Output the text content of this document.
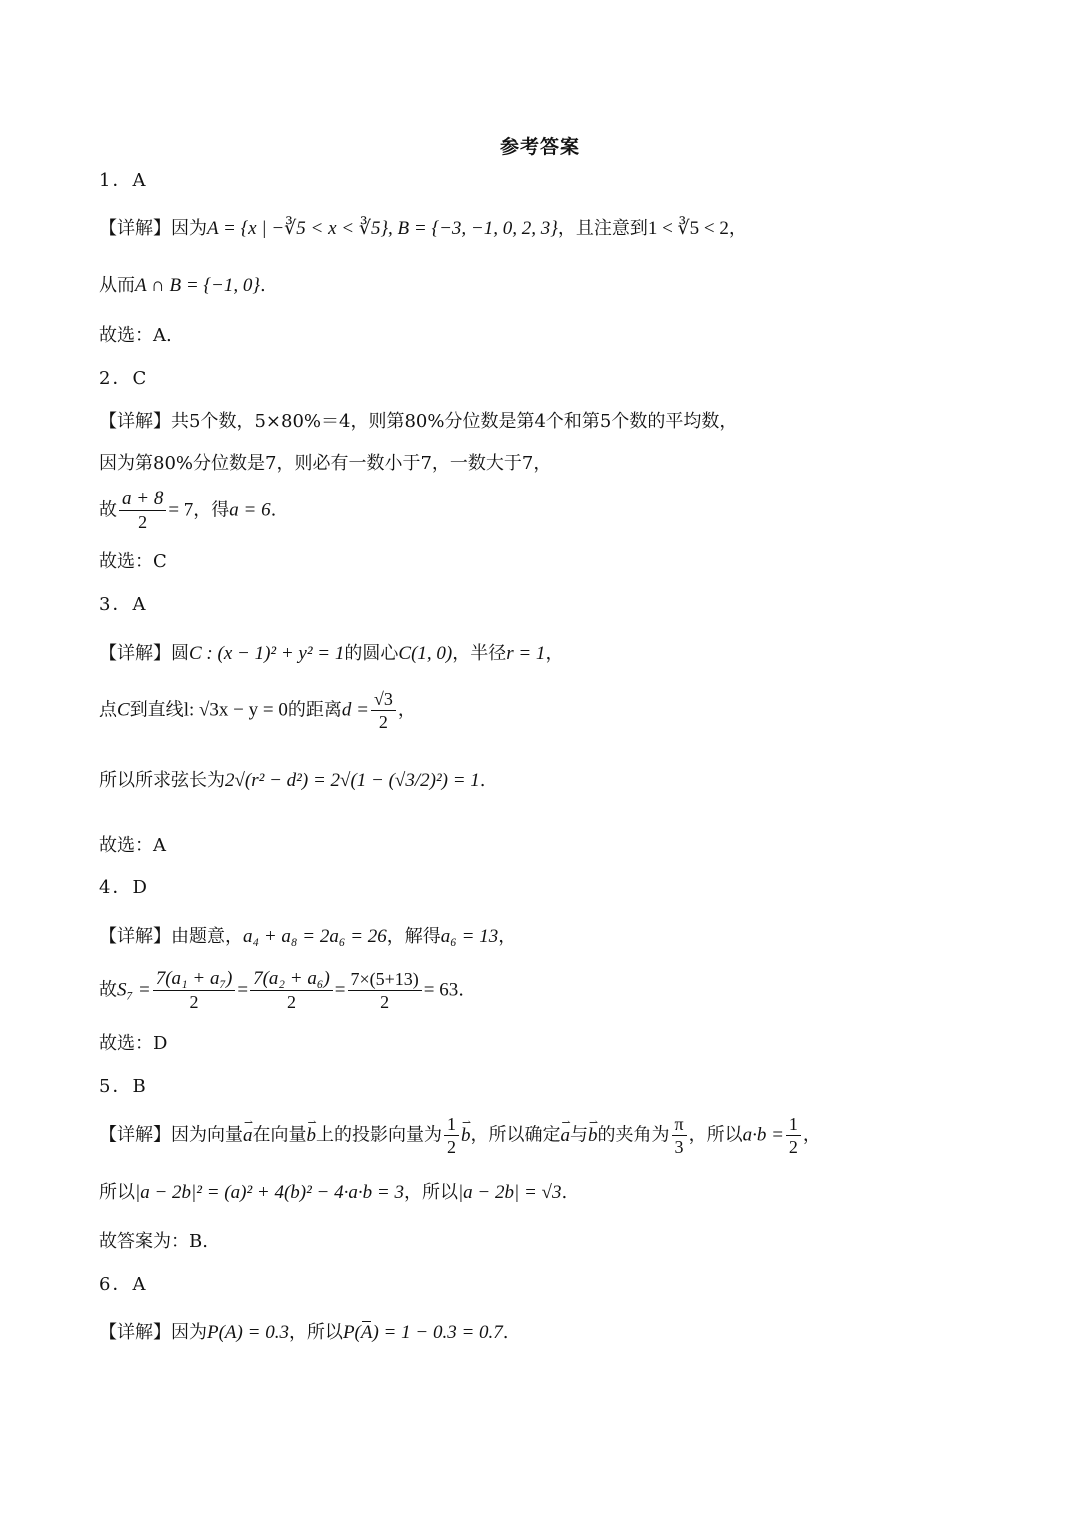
参考答案
1．A
【详解】因为A = {x | −∛5 < x < ∛5}, B = {−3, −1, 0, 2, 3}，且注意到1 < ∛5 < 2，
从而A ∩ B = {−1, 0}.
故选：A.
2．C
【详解】共5个数，5×80%＝4，则第80%分位数是第4个和第5个数的平均数，
因为第80%分位数是7，则必有一数小于7，一数大于7，
故 $\frac{a + 8}{2} = 7$，得a = 6.
故选：C
3．A
【详解】圆C : (x − 1)² + y² = 1的圆心C(1, 0)，半径r = 1，
点C到直线l: √3x − y = 0的距离$d = \frac{√3}{2}$ ，
所以所求弦长为2√(r² − d²) = 2√(1 − (√3/2)²) = 1.
故选：A
4．D
【详解】由题意，a₄ + a₈ = 2a₆ = 26，解得a₆ = 13，
故$S_7 = \frac{\text{7(a₁ + a₇)}}{2} = \frac{\text{7(a₂ + a₆)}}{2} = \frac{7\times(5+13)}{2} = 63$.
故选：D
5．B
【详解】因为向量⇀ a在向量⇀ b上的投影向量为 $\frac{1}{2}$
⇀ b，所以确定⇀ a与⇀ b的夹角为 $\frac{\pi}{3}$ ，所以$a\cdot b = \frac{1}{2}$ ，
所以|a − 2b|² = (a)² + 4(b)² − 4·a·b = 3，所以|a − 2b| = √3.
故答案为：B.
6．A
【详解】因为P(A) = 0.3，所以P(A) = 1 − 0.3 = 0.7.
